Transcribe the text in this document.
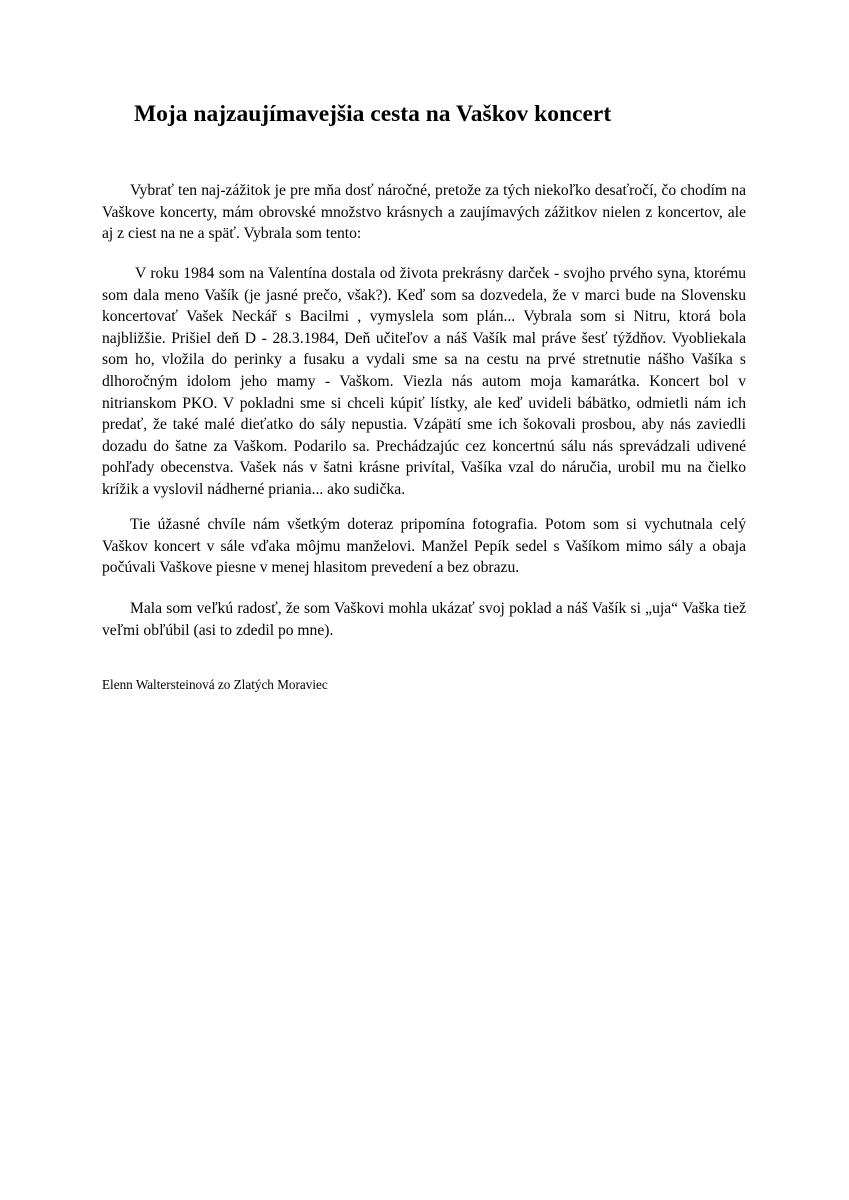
Moja najzaujímavejšia cesta na Vaškov koncert

Vybrať ten naj-zážitok je pre mňa dosť náročné, pretože za tých niekoľko desaťročí, čo chodím na Vaškove koncerty, mám obrovské množstvo krásnych a zaujímavých zážitkov nielen z koncertov, ale aj z ciest na ne a späť. Vybrala som tento:

V roku 1984 som na Valentína dostala od života prekrásny darček - svojho prvého syna, ktorému som dala meno Vašík (je jasné prečo, však?). Keď som sa dozvedela, že v marci bude na Slovensku koncertovať Vašek Neckář s Bacilmi , vymyslela som plán... Vybrala som si Nitru, ktorá bola najbližšie. Prišiel deň D - 28.3.1984, Deň učiteľov a náš Vašík mal práve šesť týždňov. Vyobliekala som ho, vložila do perinky a fusaku a vydali sme sa na cestu na prvé stretnutie nášho Vašíka s dlhoročným idolom jeho mamy - Vaškom. Viezla nás autom moja kamarátka. Koncert bol v nitrianskom PKO. V pokladni sme si chceli kúpiť lístky, ale keď uvideli bábätko, odmietli nám ich predať, že také malé dieťatko do sály nepustia. Vzápätí sme ich šokovali prosbou, aby nás zaviedli dozadu do šatne za Vaškom. Podarilo sa. Prechádzajúc cez koncertnú sálu nás sprevádzali udivené pohľady obecenstva. Vašek nás v šatni krásne privítal, Vašíka vzal do náručia, urobil mu na čielko krížik a vyslovil nádherné priania... ako sudička.

Tie úžasné chvíle nám všetkým doteraz pripomína fotografia. Potom som si vychutnala celý Vaškov koncert v sále vďaka môjmu manželovi. Manžel Pepík sedel s Vašíkom mimo sály a obaja počúvali Vaškove piesne v menej hlasitom prevedení a bez obrazu.

Mala som veľkú radosť, že som Vaškovi mohla ukázať svoj poklad a náš Vašík si „uja“ Vaška tiež veľmi obľúbil (asi to zdedil po mne).

Elenn Waltersteinová zo Zlatých Moraviec
